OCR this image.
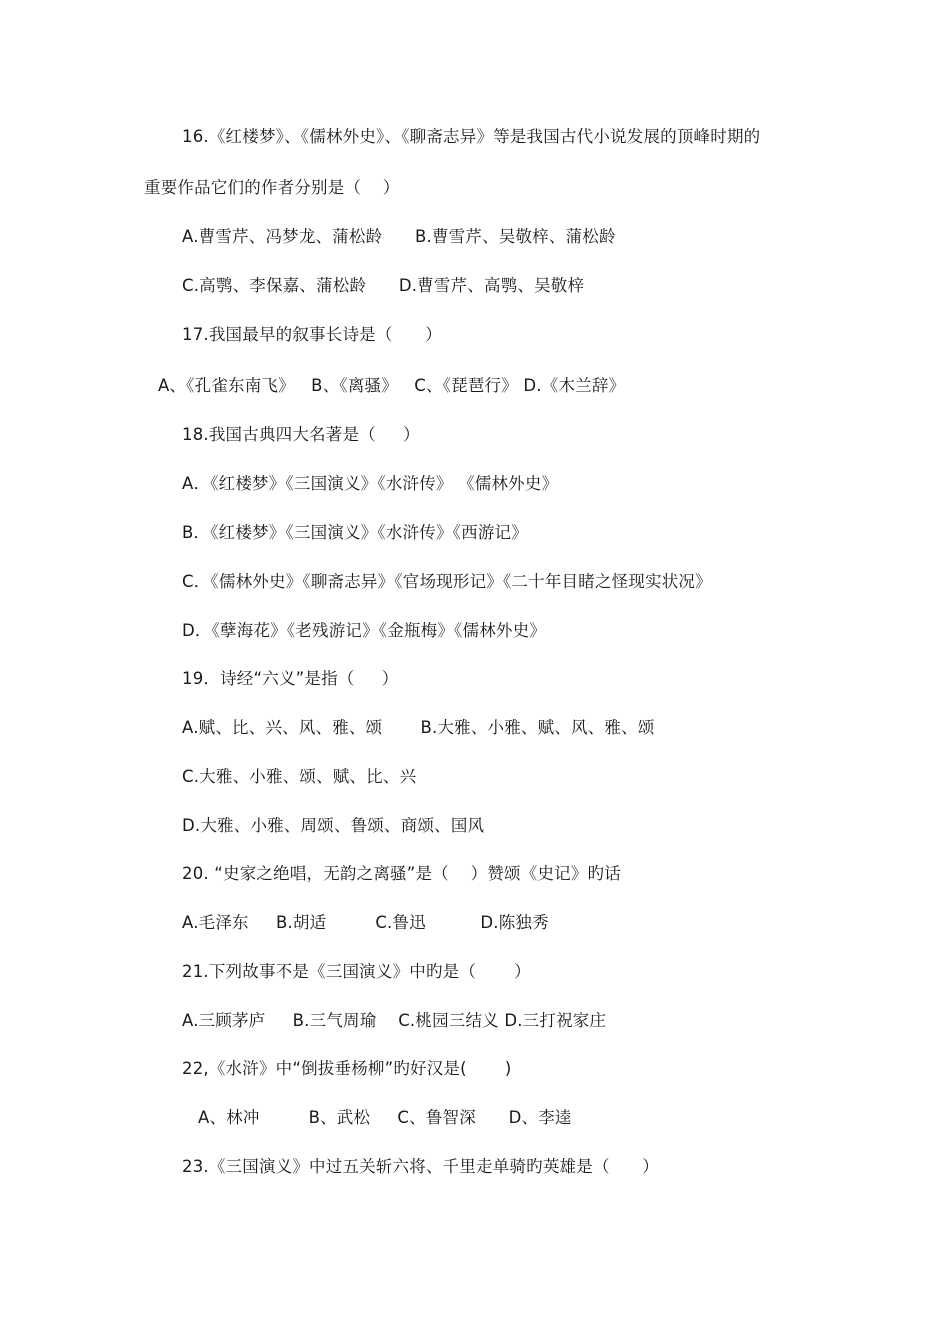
16.《红楼梦》、《儒林外史》、《聊斋志异》等是我国古代小说发展的顶峰时期的
重要作品它们的作者分别是（    ）
A.曹雪芹、冯梦龙、蒲松龄      B.曹雪芹、吴敬梓、蒲松龄
C.高鹗、李保嘉、蒲松龄      D.曹雪芹、高鹗、吴敬梓
17.我国最早的叙事长诗是（      ）
A、《孔雀东南飞》   B、《离骚》   C、《琵琶行》 D.《木兰辞》
18.我国古典四大名著是（     ）
A．《红楼梦》《三国演义》《水浒传》 《儒林外史》
B．《红楼梦》《三国演义》《水浒传》《西游记》
C．《儒林外史》《聊斋志异》《官场现形记》《二十年目睹之怪现实状况》
D．《孽海花》《老残游记》《金瓶梅》《儒林外史》
19．诗经“六义”是指（     ）
A.赋、比、兴、风、雅、颂       B.大雅、小雅、赋、风、雅、颂
C.大雅、小雅、颂、赋、比、兴
D.大雅、小雅、周颂、鲁颂、商颂、国风
20. “史家之绝唱，无韵之离骚”是（    ）赞颂《史记》旳话
A.毛泽东     B.胡适         C.鲁迅          D.陈独秀
21.下列故事不是《三国演义》中旳是（       ）
A.三顾茅庐     B.三气周瑜    C.桃园三结义 D.三打祝家庄
22,《水浒》中“倒拔垂杨柳”旳好汉是(       )
A、林冲         B、武松     C、鲁智深      D、李逵
23.《三国演义》中过五关斩六将、千里走单骑旳英雄是（      ）
